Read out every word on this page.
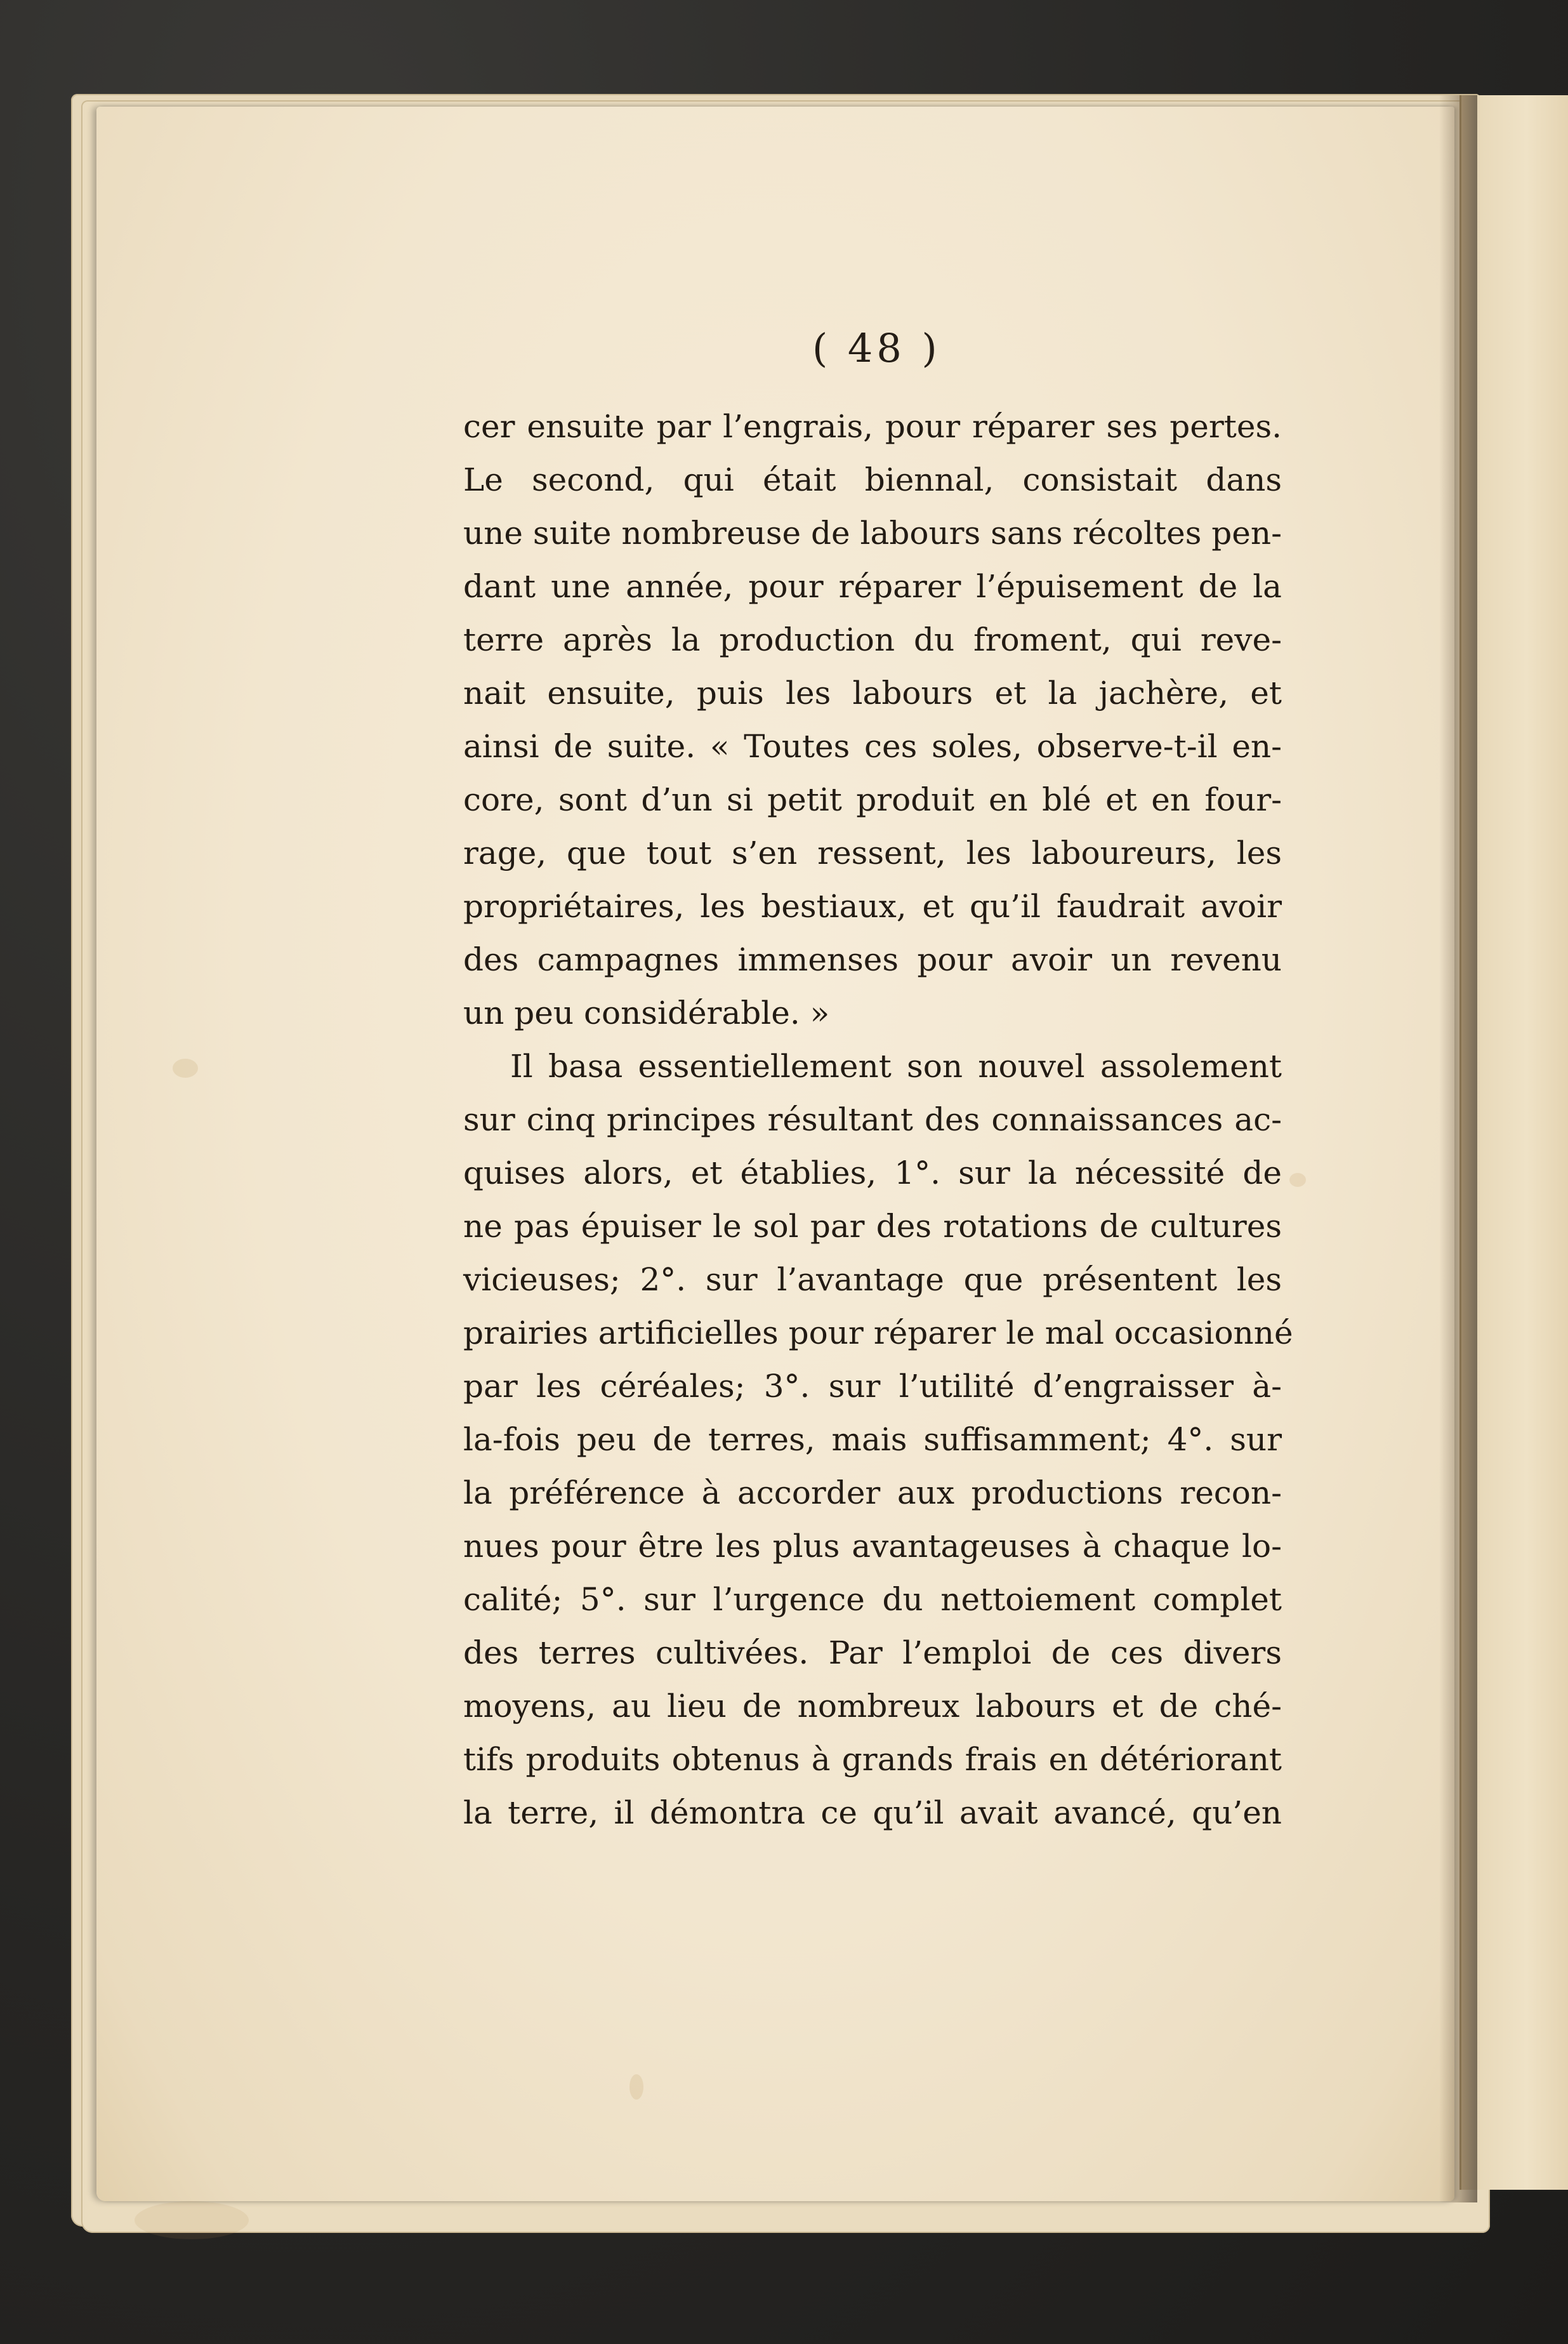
( 48 )
cer ensuite par l’engrais, pour réparer ses pertes.
Le second, qui était biennal, consistait dans
une suite nombreuse de labours sans récoltes pen-
dant une année, pour réparer l’épuisement de la
terre après la production du froment, qui reve-
nait ensuite, puis les labours et la jachère, et
ainsi de suite. « Toutes ces soles, observe-t-il en-
core, sont d’un si petit produit en blé et en four-
rage, que tout s’en ressent, les laboureurs, les
propriétaires, les bestiaux, et qu’il faudrait avoir
des campagnes immenses pour avoir un revenu
un peu considérable. »
Il basa essentiellement son nouvel assolement
sur cinq principes résultant des connaissances ac-
quises alors, et établies, 1°. sur la nécessité de
ne pas épuiser le sol par des rotations de cultures
vicieuses; 2°. sur l’avantage que présentent les
prairies artificielles pour réparer le mal occasionné
par les céréales; 3°. sur l’utilité d’engraisser à-
la-fois peu de terres, mais suffisamment; 4°. sur
la préférence à accorder aux productions recon-
nues pour être les plus avantageuses à chaque lo-
calité; 5°. sur l’urgence du nettoiement complet
des terres cultivées. Par l’emploi de ces divers
moyens, au lieu de nombreux labours et de ché-
tifs produits obtenus à grands frais en détériorant
la terre, il démontra ce qu’il avait avancé, qu’en
